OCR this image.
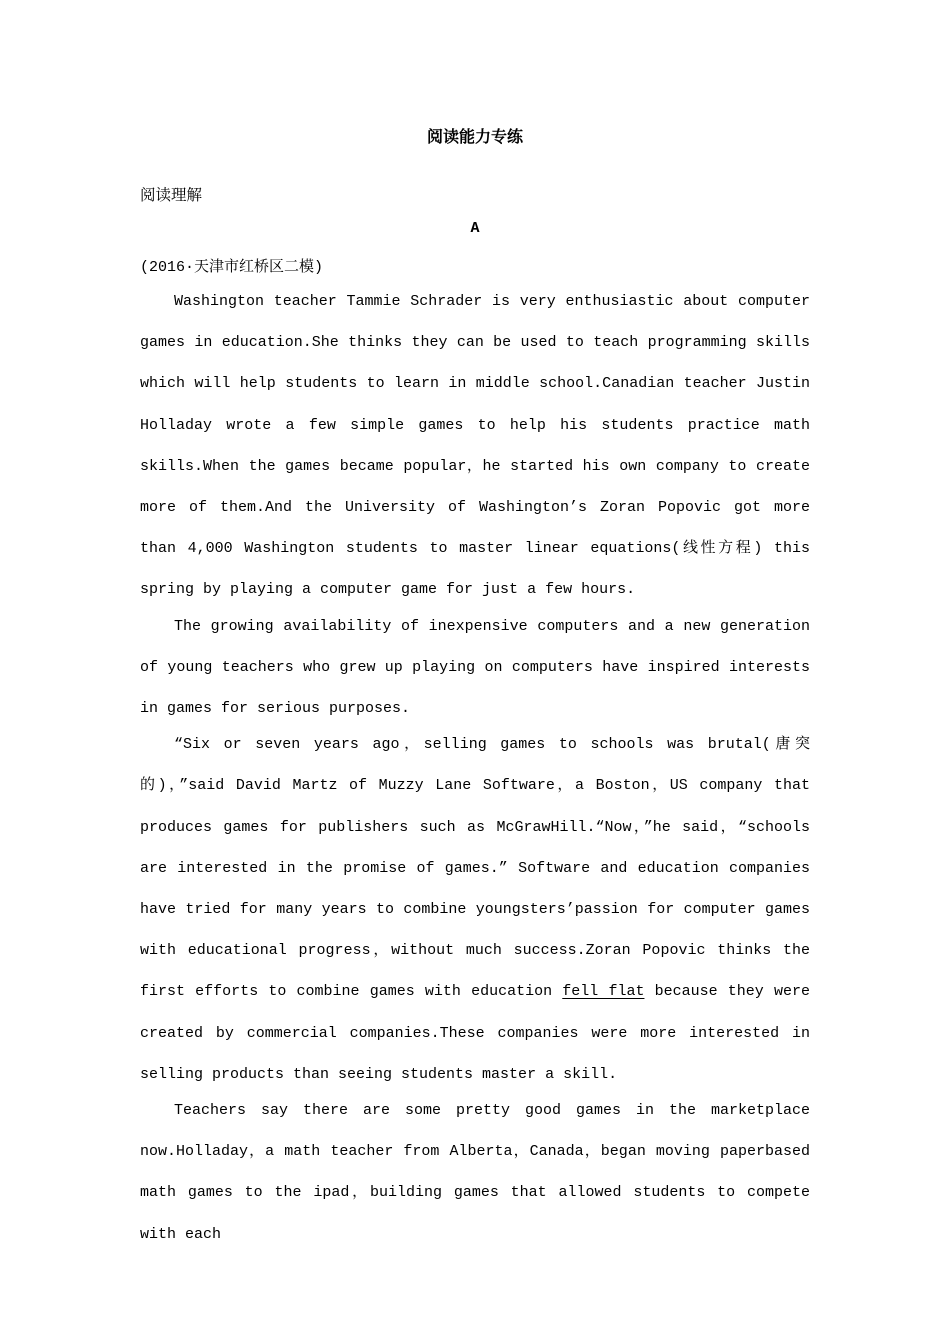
阅读能力专练
阅读理解
A
(2016·天津市红桥区二模)

Washington teacher Tammie Schrader is very enthusiastic about computer games in education.She thinks they can be used to teach programming skills which will help students to learn in middle school.Canadian teacher Justin Holladay wrote a few simple games to help his students practice math skills.When the games became popular，he started his own company to create more of them.And the University of Washington’s Zoran Popovic got more than 4,000 Washington students to master linear equations(线性方程) this spring by playing a computer game for just a few hours.

The growing availability of inexpensive computers and a new generation of young teachers who grew up playing on computers have inspired interests in games for serious purposes.

“Six or seven years ago，selling games to schools was brutal(唐突的)，”said David Martz of Muzzy Lane Software，a Boston，US company that produces games for publishers such as McGrawHill.“Now，”he said，“schools are interested in the promise of games.” Software and education companies have tried for many years to combine youngsters’passion for computer games with educational progress，without much success.Zoran Popovic thinks the first efforts to combine games with education fell flat because they were created by commercial companies.These companies were more interested in selling products than seeing students master a skill.

Teachers say there are some pretty good games in the marketplace now.Holladay，a math teacher from Alberta，Canada，began moving paperbased math games to the ipad，building games that allowed students to compete with each
